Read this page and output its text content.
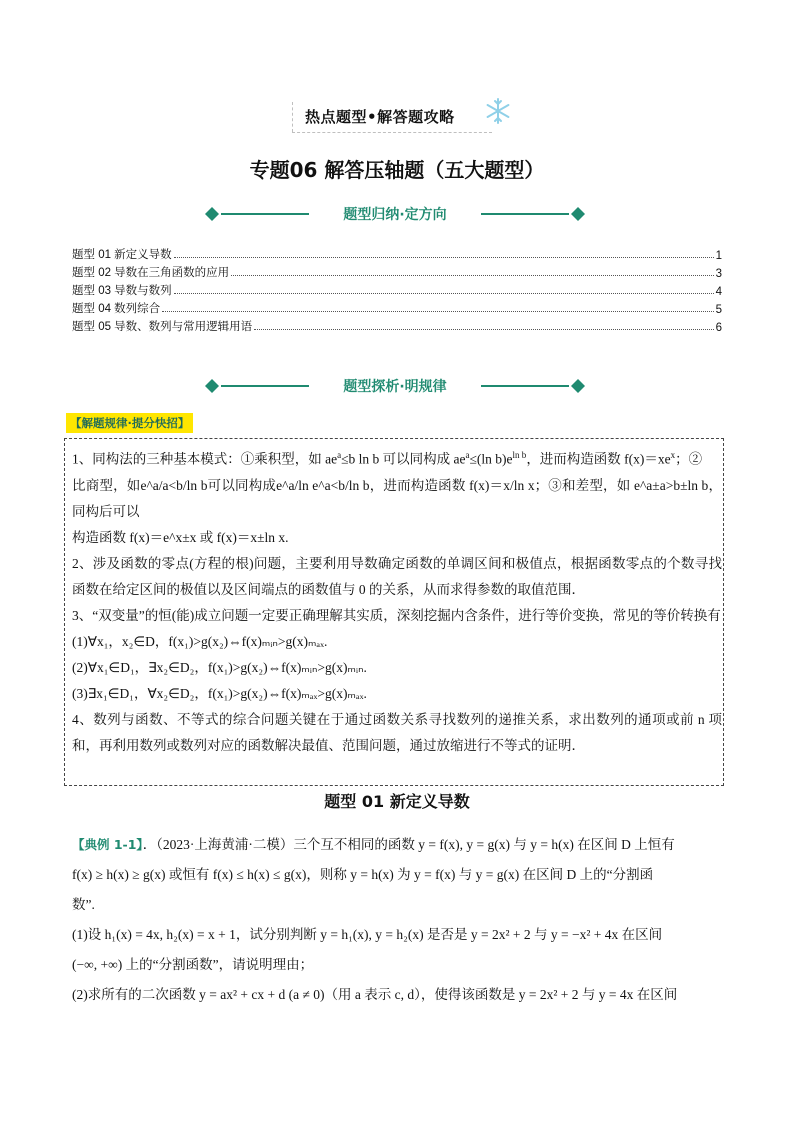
热点题型•解答题攻略
专题06 解答压轴题（五大题型）
题型归纳·定方向
题型 01 新定义导数	1
题型 02 导数在三角函数的应用	3
题型 03 导数与数列	4
题型 04 数列综合	5
题型 05 导数、数列与常用逻辑用语	6
题型探析·明规律
【解题规律·提分快招】

1、同构法的三种基本模式：①乘积型，如 $ae^a\le b$ ln b 可以同构成 $ae^a\le(\ln$ $b)e^{ln b}$，进而构造函数 $f(x)=xe^x$；②

比商型，如e^a/a<b/ln b可以同构成e^a/ln e^a<b/ln b，进而构造函数 f(x)＝x/ln x；③和差型，如 e^a±a>b±ln b，同构后可以

构造函数 f(x)＝e^x±x 或 f(x)＝x±ln x.

2、涉及函数的零点(方程的根)问题，主要利用导数确定函数的单调区间和极值点，根据函数零点的个数寻找函数在给定区间的极值以及区间端点的函数值与 0 的关系，从而求得参数的取值范围．

3、“双变量”的恒(能)成立问题一定要正确理解其实质，深刻挖掘内含条件，进行等价变换，常见的等价转换有

(1)∀x₁，x₂∈D，f(x₁)>g(x₂)⇔f(x)ₘᵢₙ>g(x)ₘₐₓ.

(2)∀x₁∈D₁，∃x₂∈D₂，f(x₁)>g(x₂)⇔f(x)ₘᵢₙ>g(x)ₘᵢₙ.

(3)∃x₁∈D₁，∀x₂∈D₂，f(x₁)>g(x₂)⇔f(x)ₘₐₓ>g(x)ₘₐₓ.

4、数列与函数、不等式的综合问题关键在于通过函数关系寻找数列的递推关系，求出数列的通项或前 n 项和，再利用数列或数列对应的函数解决最值、范围问题，通过放缩进行不等式的证明．

题型 01 新定义导数

【典例 1-1】．（2023·上海黄浦·二模）三个互不相同的函数 y = f(x), y = g(x) 与 y = h(x) 在区间 D 上恒有

f(x) ≥ h(x) ≥ g(x) 或恒有 f(x) ≤ h(x) ≤ g(x)，则称 y = h(x) 为 y = f(x) 与 y = g(x) 在区间 D 上的“分割函

数”.

(1)设 h₁(x) = 4x, h₂(x) = x + 1，试分别判断 y = h₁(x), y = h₂(x) 是否是 y = 2x² + 2 与 y = −x² + 4x 在区间

(−∞, +∞) 上的“分割函数”，请说明理由；

(2)求所有的二次函数 y = ax² + cx + d (a ≠ 0)（用 a 表示 c, d），使得该函数是 y = 2x² + 2 与 y = 4x 在区间
